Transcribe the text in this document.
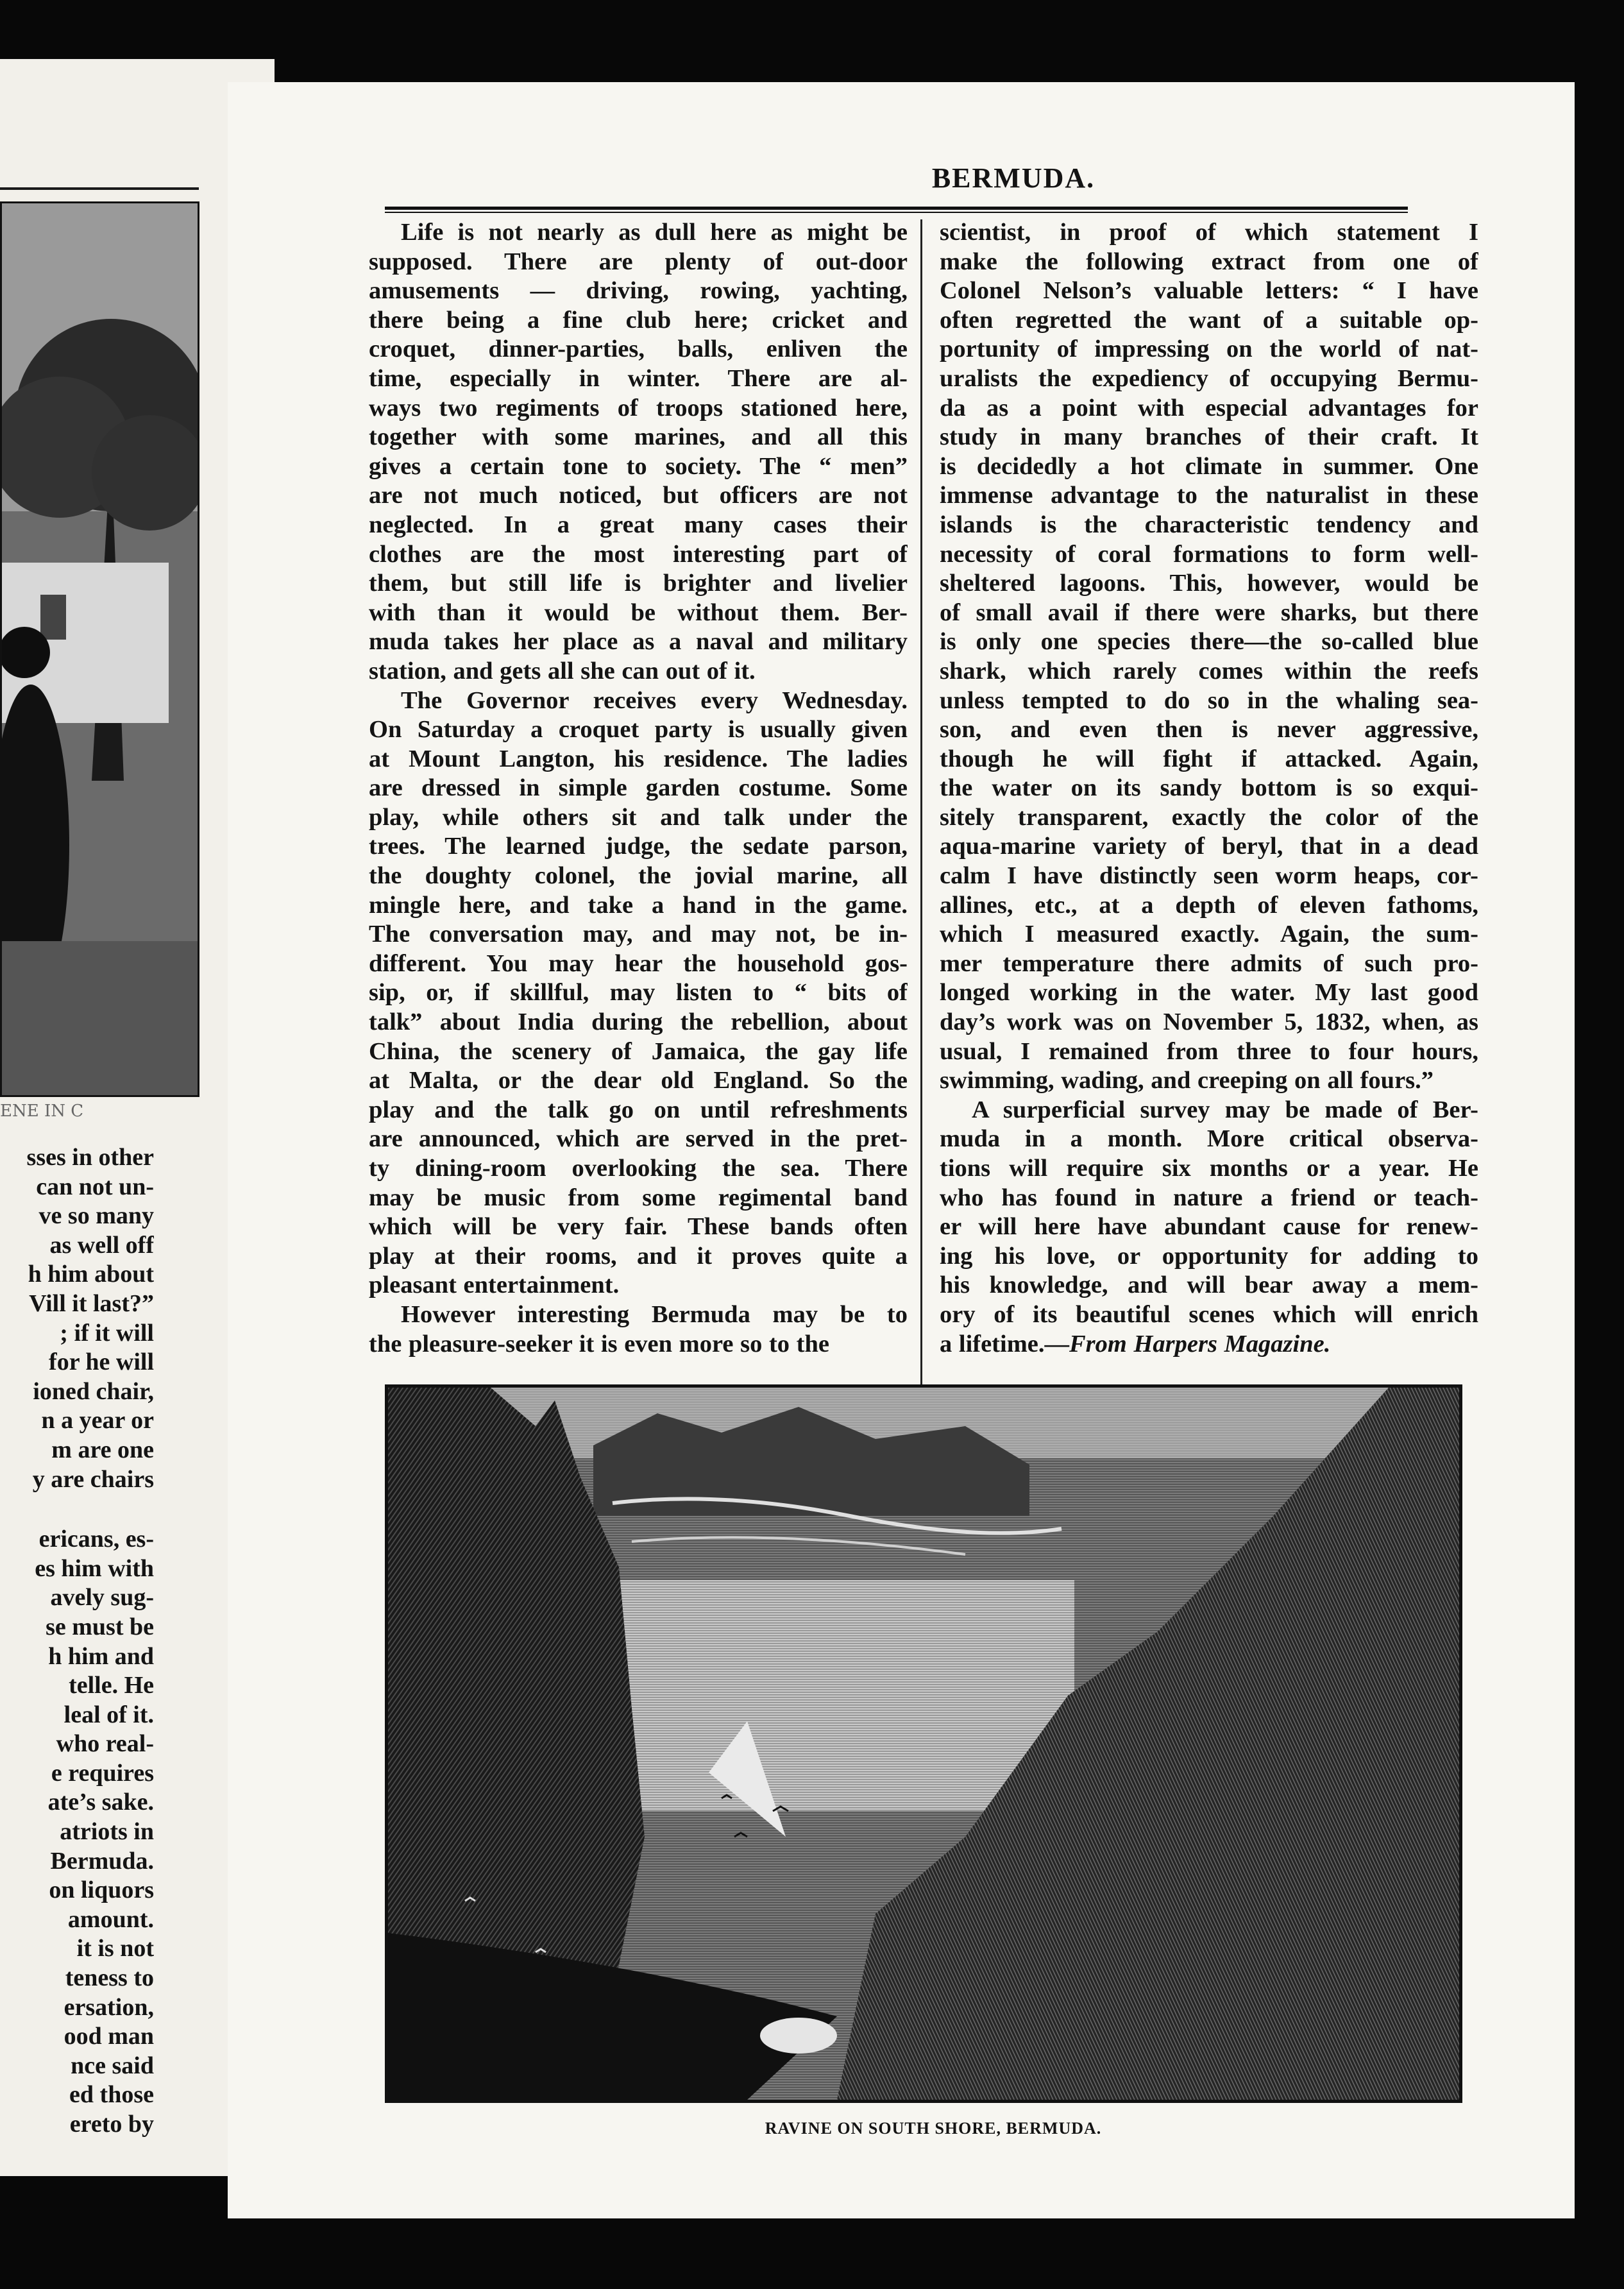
ENE IN C
sses in other
can not un-
ve so many
as well off
h him about
Vill it last?”
; if it will
for he will
ioned chair,
n a year or
m are one
y are chairs
ericans, es-
es him with
avely sug-
se must be
h him and
telle. He
leal of it.
who real-
e requires
ate’s sake.
atriots in
Bermuda.
on liquors
amount.
it is not
teness to
ersation,
ood man
nce said
ed those
ereto by
BERMUDA.
Life is not nearly as dull here as might be
supposed. There are plenty of out-door
amusements — driving, rowing, yachting,
there being a fine club here; cricket and
croquet, dinner-parties, balls, enliven the
time, especially in winter. There are al-
ways two regiments of troops stationed here,
together with some marines, and all this
gives a certain tone to society. The “ men”
are not much noticed, but officers are not
neglected. In a great many cases their
clothes are the most interesting part of
them, but still life is brighter and livelier
with than it would be without them. Ber-
muda takes her place as a naval and military
station, and gets all she can out of it.
The Governor receives every Wednesday.
On Saturday a croquet party is usually given
at Mount Langton, his residence. The ladies
are dressed in simple garden costume. Some
play, while others sit and talk under the
trees. The learned judge, the sedate parson,
the doughty colonel, the jovial marine, all
mingle here, and take a hand in the game.
The conversation may, and may not, be in-
different. You may hear the household gos-
sip, or, if skillful, may listen to “ bits of
talk” about India during the rebellion, about
China, the scenery of Jamaica, the gay life
at Malta, or the dear old England. So the
play and the talk go on until refreshments
are announced, which are served in the pret-
ty dining-room overlooking the sea. There
may be music from some regimental band
which will be very fair. These bands often
play at their rooms, and it proves quite a
pleasant entertainment.
However interesting Bermuda may be to
the pleasure-seeker it is even more so to the
scientist, in proof of which statement I
make the following extract from one of
Colonel Nelson’s valuable letters: “ I have
often regretted the want of a suitable op-
portunity of impressing on the world of nat-
uralists the expediency of occupying Bermu-
da as a point with especial advantages for
study in many branches of their craft. It
is decidedly a hot climate in summer. One
immense advantage to the naturalist in these
islands is the characteristic tendency and
necessity of coral formations to form well-
sheltered lagoons. This, however, would be
of small avail if there were sharks, but there
is only one species there—the so-called blue
shark, which rarely comes within the reefs
unless tempted to do so in the whaling sea-
son, and even then is never aggressive,
though he will fight if attacked. Again,
the water on its sandy bottom is so exqui-
sitely transparent, exactly the color of the
aqua-marine variety of beryl, that in a dead
calm I have distinctly seen worm heaps, cor-
allines, etc., at a depth of eleven fathoms,
which I measured exactly. Again, the sum-
mer temperature there admits of such pro-
longed working in the water. My last good
day’s work was on November 5, 1832, when, as
usual, I remained from three to four hours,
swimming, wading, and creeping on all fours.”
A surperficial survey may be made of Ber-
muda in a month. More critical observa-
tions will require six months or a year. He
who has found in nature a friend or teach-
er will here have abundant cause for renew-
ing his love, or opportunity for adding to
his knowledge, and will bear away a mem-
ory of its beautiful scenes which will enrich
a lifetime.—From Harpers Magazine.
RAVINE ON SOUTH SHORE, BERMUDA.
